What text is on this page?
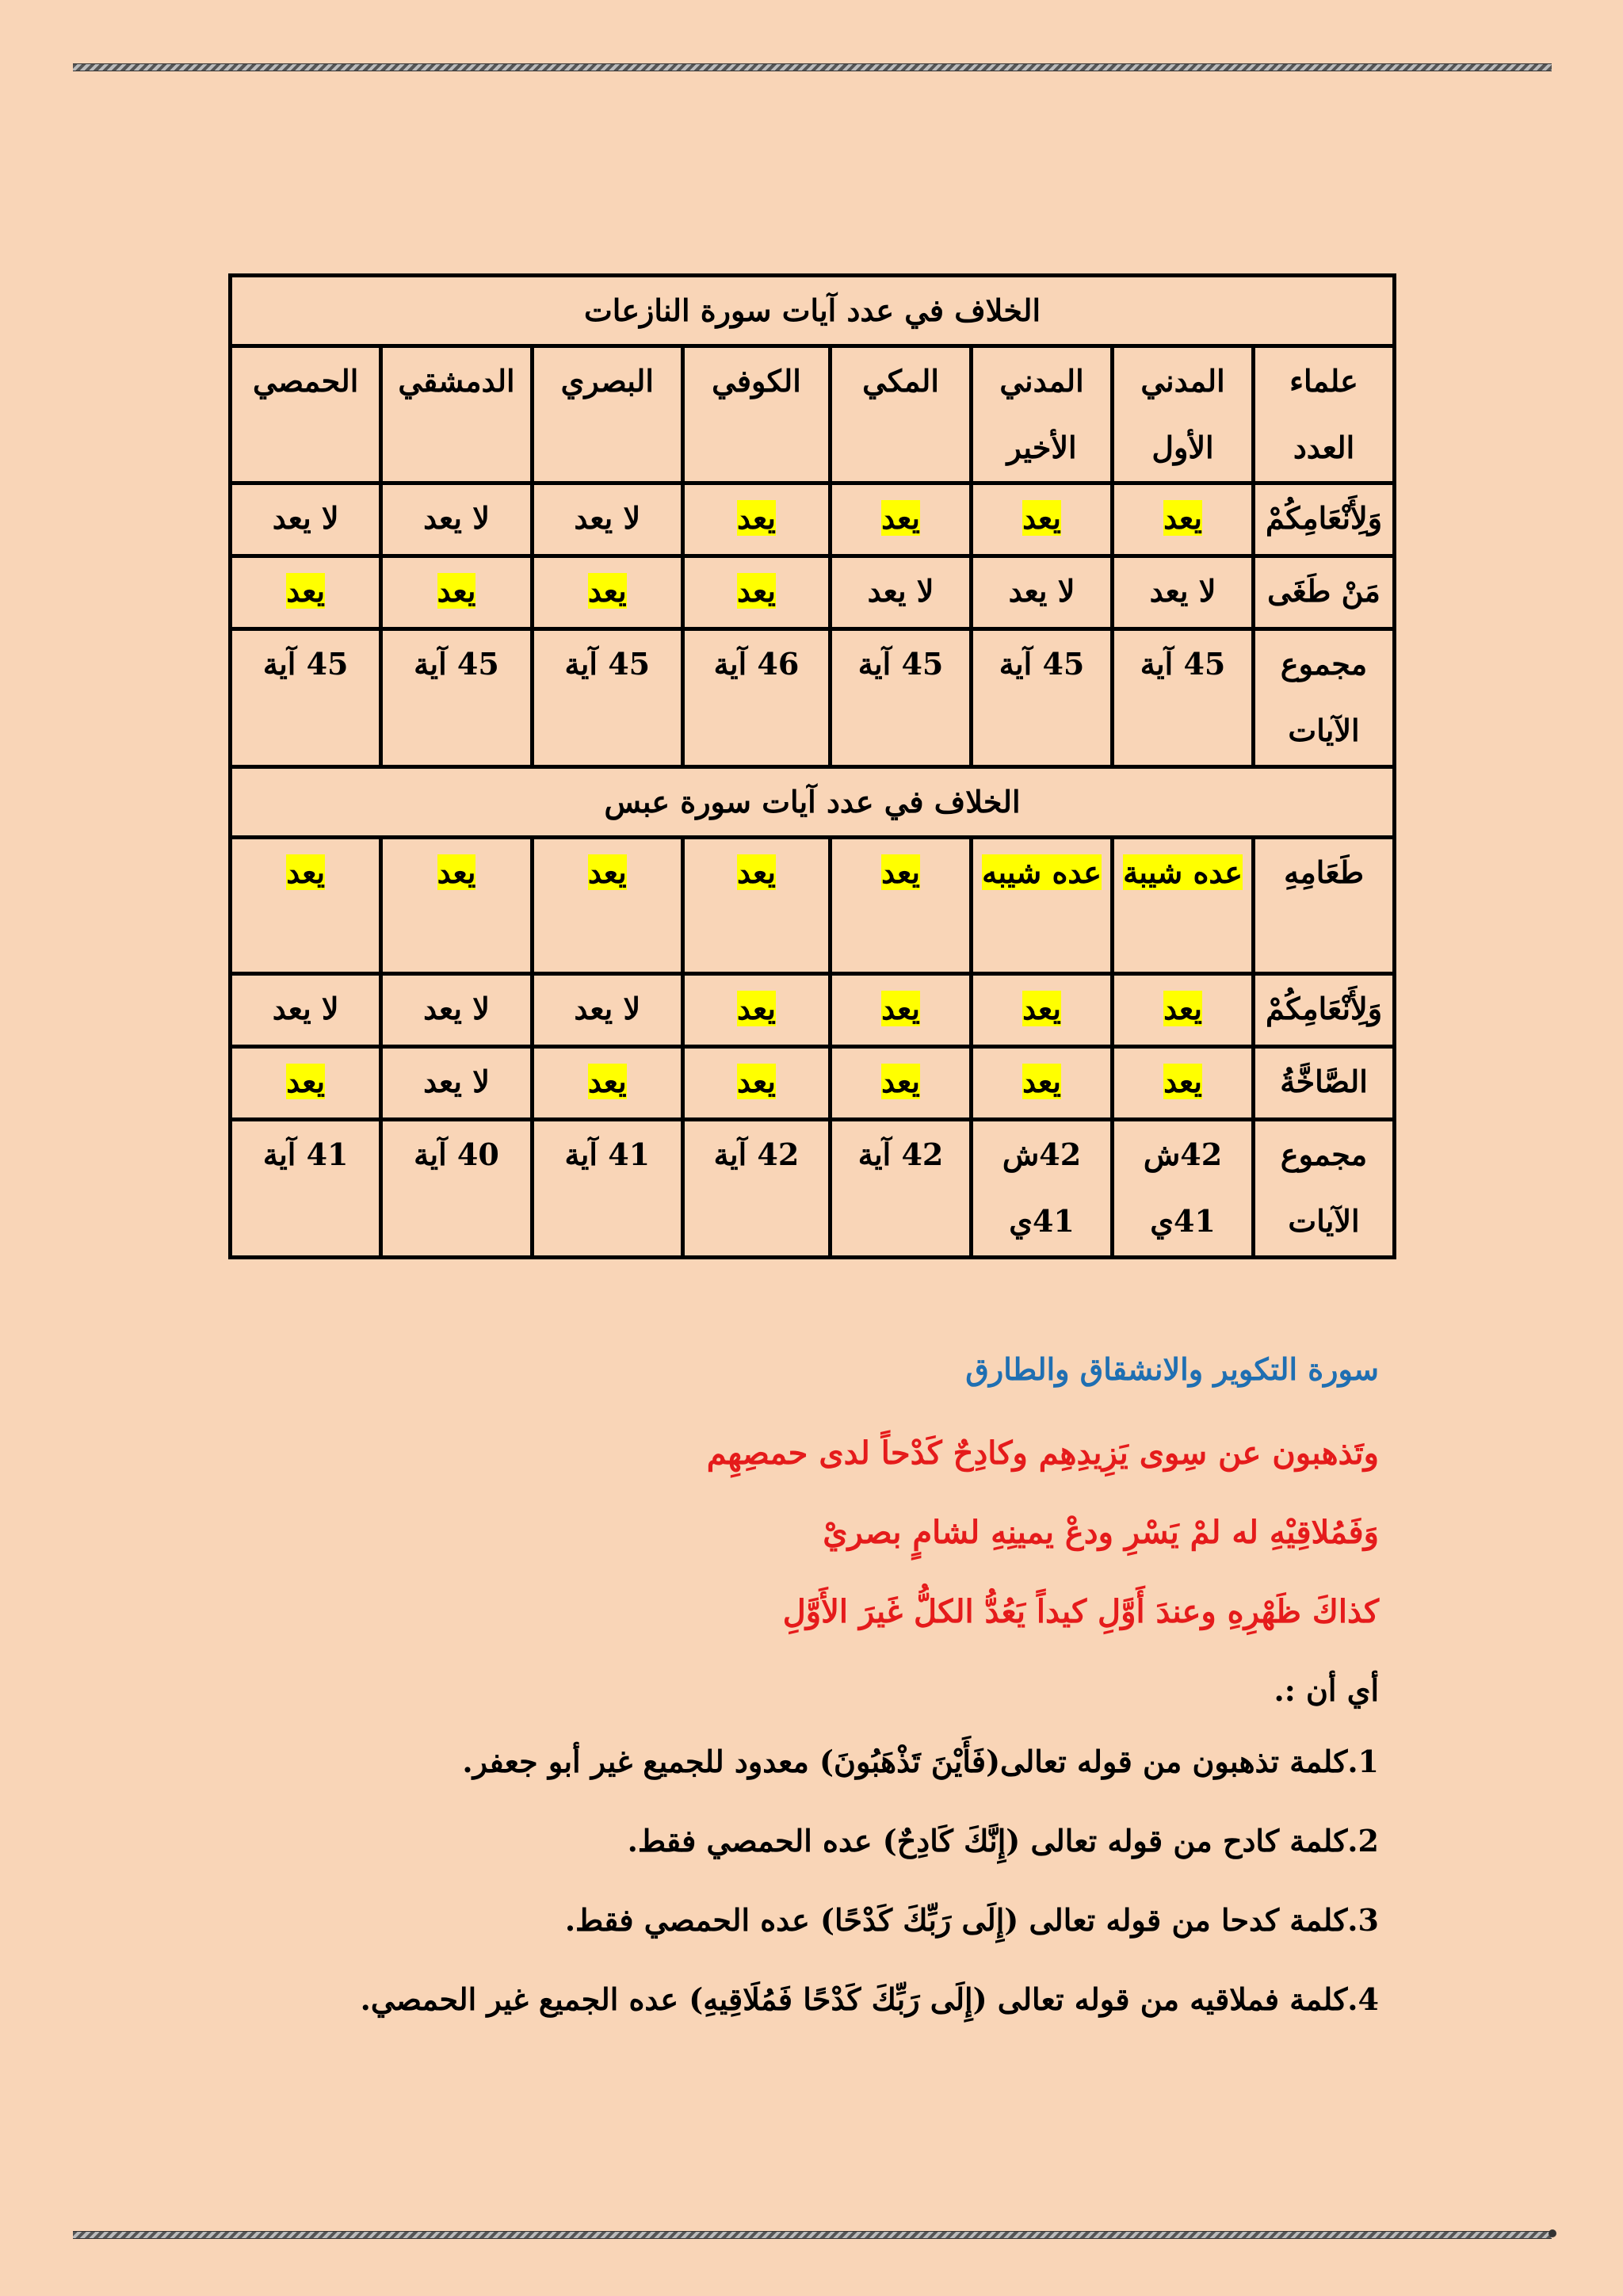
الخلاف في عدد آيات سورة النازعات							
علماء العدد	المدني الأول	المدني الأخير	المكي	الكوفي	البصري	الدمشقي	الحمصي
وَلِأَنْعَامِكُمْ	يعد	يعد	يعد	يعد	لا يعد	لا يعد	لا يعد
مَنْ طَغَى	لا يعد	لا يعد	لا يعد	يعد	يعد	يعد	يعد
مجموع الآيات	45 آية	45 آية	45 آية	46 آية	45 آية	45 آية	45 آية
الخلاف في عدد آيات سورة عبس							
طَعَامِهِ	عده شيبة	عده شيبه	يعد	يعد	يعد	يعد	يعد
وَلِأَنْعَامِكُمْ	يعد	يعد	يعد	يعد	لا يعد	لا يعد	لا يعد
الصَّاخَّةُ	يعد	يعد	يعد	يعد	يعد	لا يعد	يعد
مجموع الآيات	42ش 41ي	42ش 41ي	42 آية	42 آية	41 آية	40 آية	41 آية
سورة التكوير والانشقاق والطارق
وتَذهبون عن سِوى يَزِيدِهِم وكادِحٌ كَدْحاً لدى حمصِهِم
وَفَمُلاقِيْهِ له لمْ يَسْرِ ودعْ يمينِهِ لشامٍ بصريْ
كذاكَ ظَهْرِهِ وعندَ أَوَّلِ كيداً يَعُدُّ الكلُّ غَيرَ الأَوَّلِ
أي أن :.
1.كلمة تذهبون من قوله تعالى(فَأَيْنَ تَذْهَبُونَ) معدود للجميع غير أبو جعفر.
2.كلمة كادح من قوله تعالى (إِنَّكَ كَادِحٌ) عده الحمصي فقط.
3.كلمة كدحا من قوله تعالى (إِلَى رَبِّكَ كَدْحًا) عده الحمصي فقط.
4.كلمة فملاقيه من قوله تعالى (إِلَى رَبِّكَ كَدْحًا فَمُلَاقِيهِ) عده الجميع غير الحمصي.
